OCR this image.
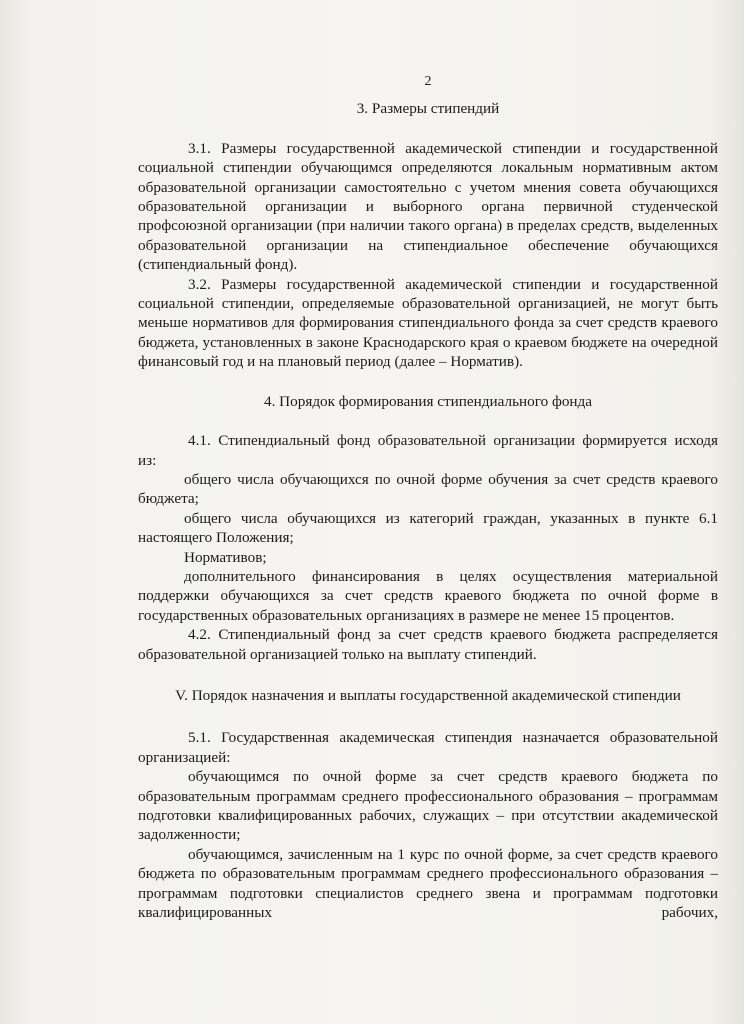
2
3. Размеры стипендий

3.1. Размеры государственной академической стипендии и государственной социальной стипендии обучающимся определяются локальным нормативным актом образовательной организации самостоятельно с учетом мнения совета обучающихся образовательной организации и выборного органа первичной студенческой профсоюзной организации (при наличии такого органа) в пределах средств, выделенных образовательной организации на стипендиальное обеспечение обучающихся (стипендиальный фонд).

3.2. Размеры государственной академической стипендии и государственной социальной стипендии, определяемые образовательной организацией, не могут быть меньше нормативов для формирования стипендиального фонда за счет средств краевого бюджета, установленных в законе Краснодарского края о краевом бюджете на очередной финансовый год и на плановый период (далее – Норматив).

4. Порядок формирования стипендиального фонда

4.1. Стипендиальный фонд образовательной организации формируется исходя из:

общего числа обучающихся по очной форме обучения за счет средств краевого бюджета;

общего числа обучающихся из категорий граждан, указанных в пункте 6.1 настоящего Положения;

Нормативов;

дополнительного финансирования в целях осуществления материальной поддержки обучающихся за счет средств краевого бюджета по очной форме в государственных образовательных организациях в размере не менее 15 процентов.

4.2. Стипендиальный фонд за счет средств краевого бюджета распределяется образовательной организацией только на выплату стипендий.

V. Порядок назначения и выплаты государственной академической стипендии

5.1. Государственная академическая стипендия назначается образовательной организацией:

обучающимся по очной форме за счет средств краевого бюджета по образовательным программам среднего профессионального образования – программам подготовки квалифицированных рабочих, служащих – при отсутствии академической задолженности;

обучающимся, зачисленным на 1 курс по очной форме, за счет средств краевого бюджета по образовательным программам среднего профессионального образования – программам подготовки специалистов среднего звена и программам подготовки квалифицированных рабочих,
